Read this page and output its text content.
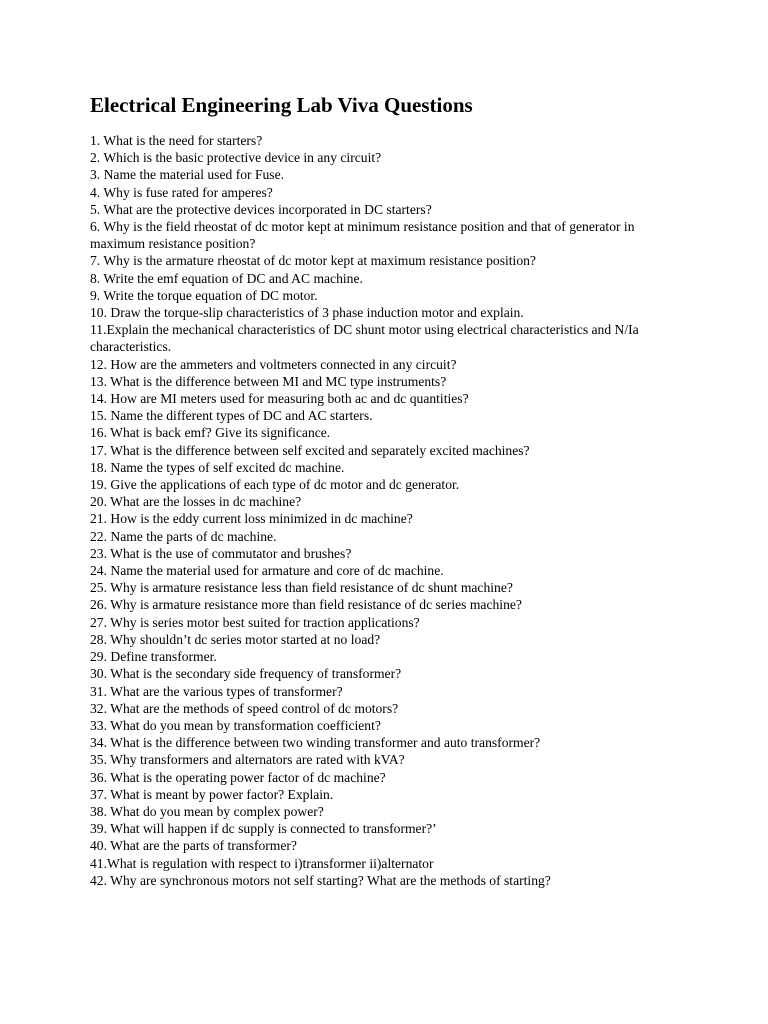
Electrical Engineering Lab Viva Questions
1. What is the need for starters?
2. Which is the basic protective device in any circuit?
3. Name the material used for Fuse.
4. Why is fuse rated for amperes?
5. What are the protective devices incorporated in DC starters?
6. Why is the field rheostat of dc motor kept at minimum resistance position and that of generator in maximum resistance position?
7. Why is the armature rheostat of dc motor kept at maximum resistance position?
8. Write the emf equation of DC and AC machine.
9. Write the torque equation of DC motor.
10. Draw the torque-slip characteristics of 3 phase induction motor and explain.
11.Explain the mechanical characteristics of DC shunt motor using electrical characteristics and N/Ia characteristics.
12. How are the ammeters and voltmeters connected in any circuit?
13. What is the difference between MI and MC type instruments?
14. How are MI meters used for measuring both ac and dc quantities?
15. Name the different types of DC and AC starters.
16. What is back emf? Give its significance.
17. What is the difference between self excited and separately excited machines?
18. Name the types of self excited dc machine.
19. Give the applications of each type of dc motor and dc generator.
20. What are the losses in dc machine?
21. How is the eddy current loss minimized in dc machine?
22. Name the parts of dc machine.
23. What is the use of commutator and brushes?
24. Name the material used for armature and core of dc machine.
25. Why is armature resistance less than field resistance of dc shunt machine?
26. Why is armature resistance more than field resistance of dc series machine?
27. Why is series motor best suited for traction applications?
28. Why shouldn’t dc series motor started at no load?
29. Define transformer.
30. What is the secondary side frequency of transformer?
31. What are the various types of transformer?
32. What are the methods of speed control of dc motors?
33. What do you mean by transformation coefficient?
34. What is the difference between two winding transformer and auto transformer?
35. Why transformers and alternators are rated with kVA?
36. What is the operating power factor of dc machine?
37. What is meant by power factor? Explain.
38. What do you mean by complex power?
39. What will happen if dc supply is connected to transformer?’
40. What are the parts of transformer?
41.What is regulation with respect to i)transformer ii)alternator
42. Why are synchronous motors not self starting? What are the methods of starting?
